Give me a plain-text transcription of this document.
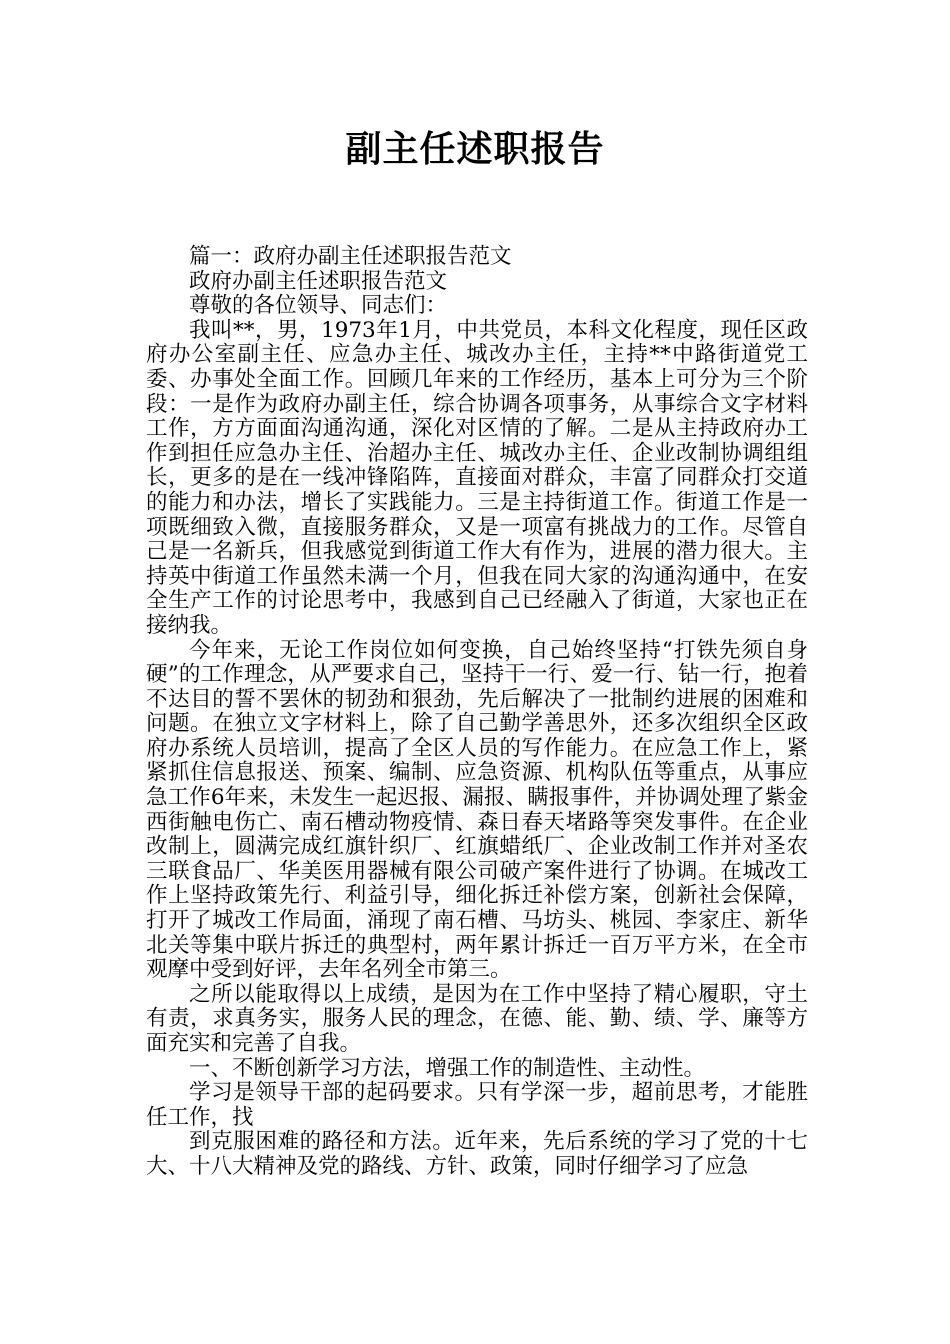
副主任述职报告

篇一：政府办副主任述职报告范文

政府办副主任述职报告范文

尊敬的各位领导、同志们：

我叫**，男，1973年1月，中共党员，本科文化程度，现任区政府办公室副主任、应急办主任、城改办主任，主持**中路街道党工委、办事处全面工作。回顾几年来的工作经历，基本上可分为三个阶段：一是作为政府办副主任，综合协调各项事务，从事综合文字材料工作，方方面面沟通沟通，深化对区情的了解。二是从主持政府办工作到担任应急办主任、治超办主任、城改办主任、企业改制协调组组长，更多的是在一线冲锋陷阵，直接面对群众，丰富了同群众打交道的能力和办法，增长了实践能力。三是主持街道工作。街道工作是一项既细致入微，直接服务群众，又是一项富有挑战力的工作。尽管自己是一名新兵，但我感觉到街道工作大有作为，进展的潜力很大。主持英中街道工作虽然未满一个月，但我在同大家的沟通沟通中，在安全生产工作的讨论思考中，我感到自己已经融入了街道，大家也正在接纳我。

今年来，无论工作岗位如何变换，自己始终坚持“打铁先须自身硬”的工作理念，从严要求自己，坚持干一行、爱一行、钻一行，抱着不达目的誓不罢休的韧劲和狠劲，先后解决了一批制约进展的困难和问题。在独立文字材料上，除了自己勤学善思外，还多次组织全区政府办系统人员培训，提高了全区人员的写作能力。在应急工作上，紧紧抓住信息报送、预案、编制、应急资源、机构队伍等重点，从事应急工作6年来，未发生一起迟报、漏报、瞒报事件，并协调处理了紫金西街触电伤亡、南石槽动物疫情、森日春天堵路等突发事件。在企业改制上，圆满完成红旗针织厂、红旗蜡纸厂、企业改制工作并对圣农三联食品厂、华美医用器械有限公司破产案件进行了协调。在城改工作上坚持政策先行、利益引导，细化拆迁补偿方案，创新社会保障，打开了城改工作局面，涌现了南石槽、马坊头、桃园、李家庄、新华北关等集中联片拆迁的典型村，两年累计拆迁一百万平方米，在全市观摩中受到好评，去年名列全市第三。

之所以能取得以上成绩，是因为在工作中坚持了精心履职，守土有责，求真务实，服务人民的理念，在德、能、勤、绩、学、廉等方面充实和完善了自我。

一、不断创新学习方法，增强工作的制造性、主动性。

学习是领导干部的起码要求。只有学深一步，超前思考，才能胜任工作，找

到克服困难的路径和方法。近年来，先后系统的学习了党的十七大、十八大精神及党的路线、方针、政策，同时仔细学习了应急
